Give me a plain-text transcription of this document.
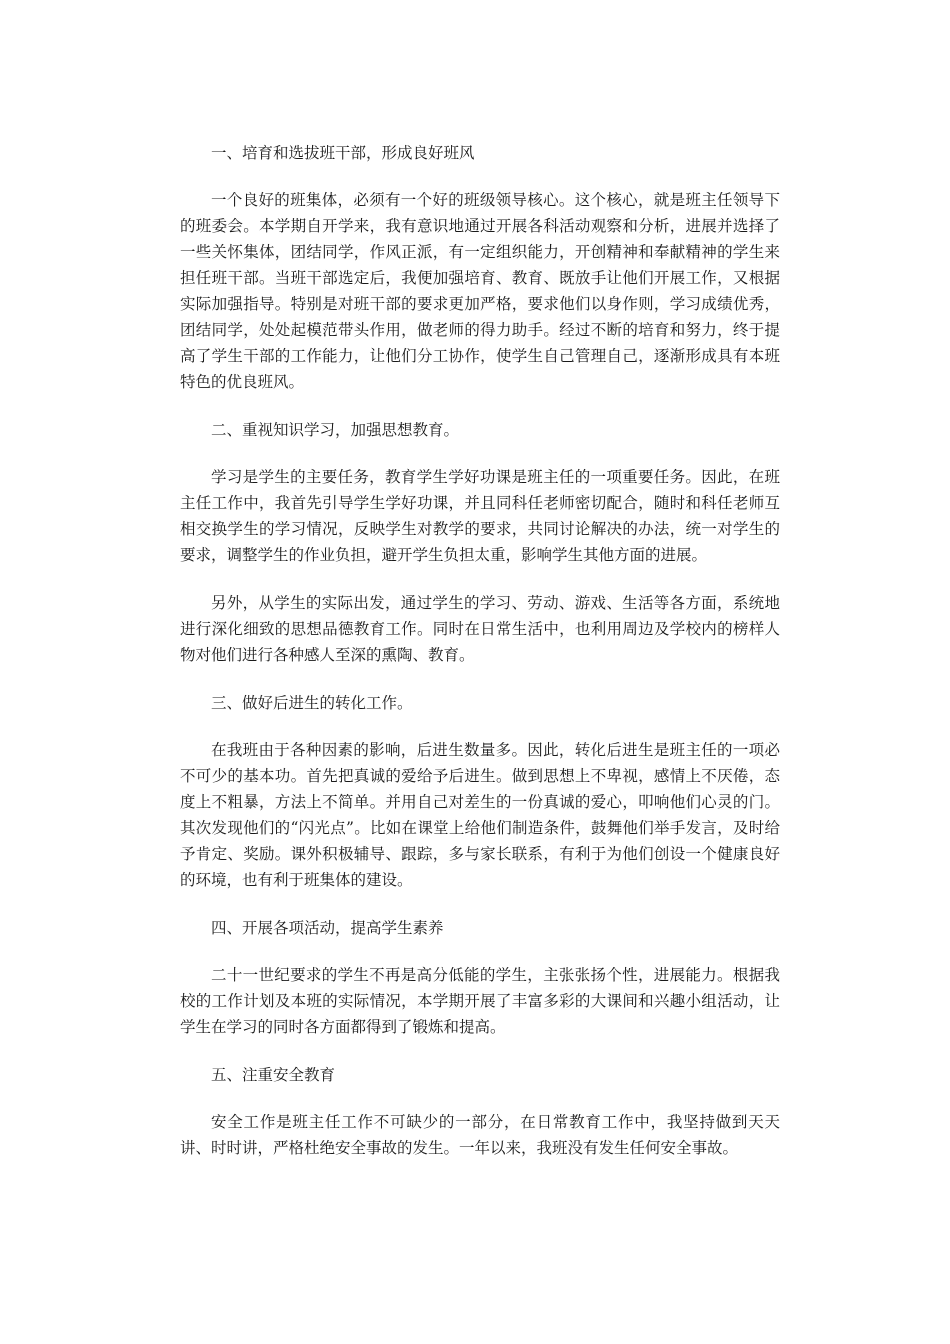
一、培育和选拔班干部，形成良好班风

一个良好的班集体，必须有一个好的班级领导核心。这个核心，就是班主任领导下的班委会。本学期自开学来，我有意识地通过开展各科活动观察和分析，进展并选择了一些关怀集体，团结同学，作风正派，有一定组织能力，开创精神和奉献精神的学生来担任班干部。当班干部选定后，我便加强培育、教育、既放手让他们开展工作，又根据实际加强指导。特别是对班干部的要求更加严格，要求他们以身作则，学习成绩优秀，团结同学，处处起模范带头作用，做老师的得力助手。经过不断的培育和努力，终于提高了学生干部的工作能力，让他们分工协作，使学生自己管理自己，逐渐形成具有本班特色的优良班风。

二、重视知识学习，加强思想教育。

学习是学生的主要任务，教育学生学好功课是班主任的一项重要任务。因此，在班主任工作中，我首先引导学生学好功课，并且同科任老师密切配合，随时和科任老师互相交换学生的学习情况，反映学生对教学的要求，共同讨论解决的办法，统一对学生的要求，调整学生的作业负担，避开学生负担太重，影响学生其他方面的进展。

另外，从学生的实际出发，通过学生的学习、劳动、游戏、生活等各方面，系统地进行深化细致的思想品德教育工作。同时在日常生活中，也利用周边及学校内的榜样人物对他们进行各种感人至深的熏陶、教育。

三、做好后进生的转化工作。

在我班由于各种因素的影响，后进生数量多。因此，转化后进生是班主任的一项必不可少的基本功。首先把真诚的爱给予后进生。做到思想上不卑视，感情上不厌倦，态度上不粗暴，方法上不简单。并用自己对差生的一份真诚的爱心，叩响他们心灵的门。其次发现他们的“闪光点”。比如在课堂上给他们制造条件，鼓舞他们举手发言，及时给予肯定、奖励。课外积极辅导、跟踪，多与家长联系，有利于为他们创设一个健康良好的环境，也有利于班集体的建设。

四、开展各项活动，提高学生素养

二十一世纪要求的学生不再是高分低能的学生，主张张扬个性，进展能力。根据我校的工作计划及本班的实际情况，本学期开展了丰富多彩的大课间和兴趣小组活动，让学生在学习的同时各方面都得到了锻炼和提高。

五、注重安全教育

安全工作是班主任工作不可缺少的一部分，在日常教育工作中，我坚持做到天天讲、时时讲，严格杜绝安全事故的发生。一年以来，我班没有发生任何安全事故。
